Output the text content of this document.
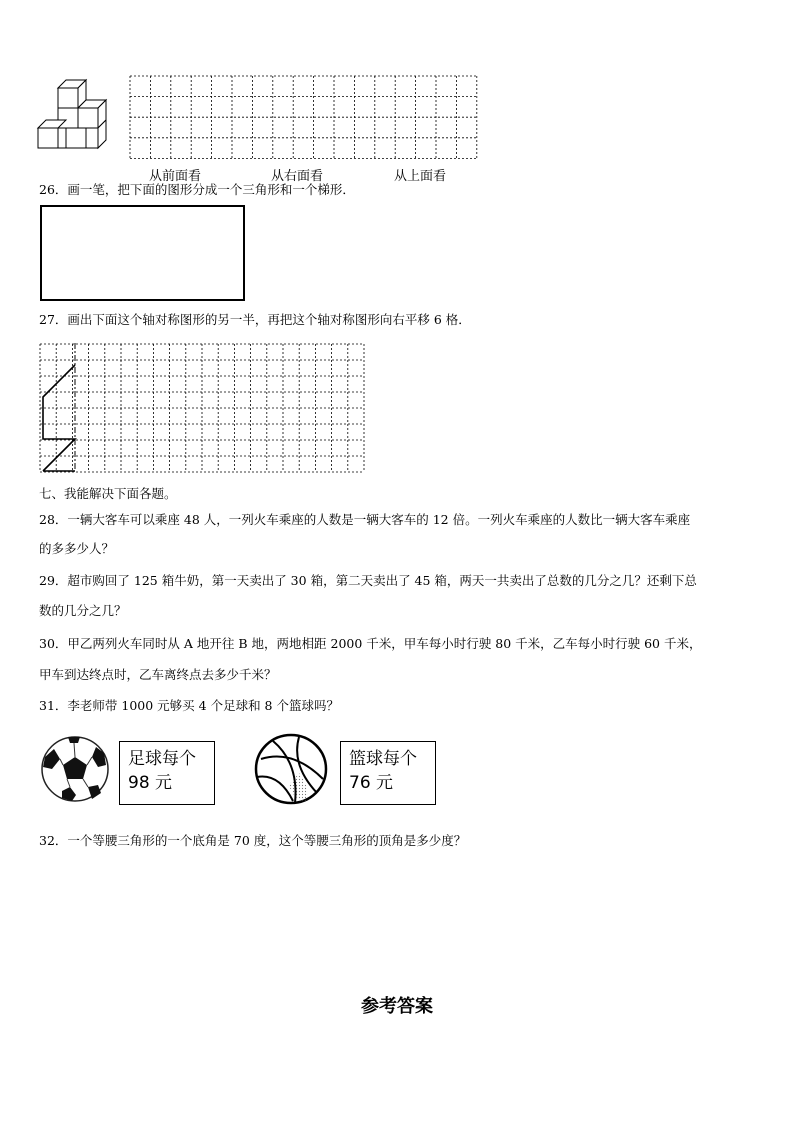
从前面看	从右面看	从上面看
26．画一笔，把下面的图形分成一个三角形和一个梯形．
27．画出下面这个轴对称图形的另一半，再把这个轴对称图形向右平移 6 格．
七、我能解决下面各题。
28．一辆大客车可以乘座 48 人，一列火车乘座的人数是一辆大客车的 12 倍。一列火车乘座的人数比一辆大客车乘座
的多多少人？
29．超市购回了 125 箱牛奶，第一天卖出了 30 箱，第二天卖出了 45 箱，两天一共卖出了总数的几分之几？还剩下总
数的几分之几？
30．甲乙两列火车同时从 A 地开往 B 地，两地相距 2000 千米，甲车每小时行驶 80 千米，乙车每小时行驶 60 千米，
甲车到达终点时，乙车离终点去多少千米？
31．李老师带 1000 元够买 4 个足球和 8 个篮球吗？
足球每个
98 元
篮球每个
76 元
32．一个等腰三角形的一个底角是 70 度，这个等腰三角形的顶角是多少度？
参考答案
